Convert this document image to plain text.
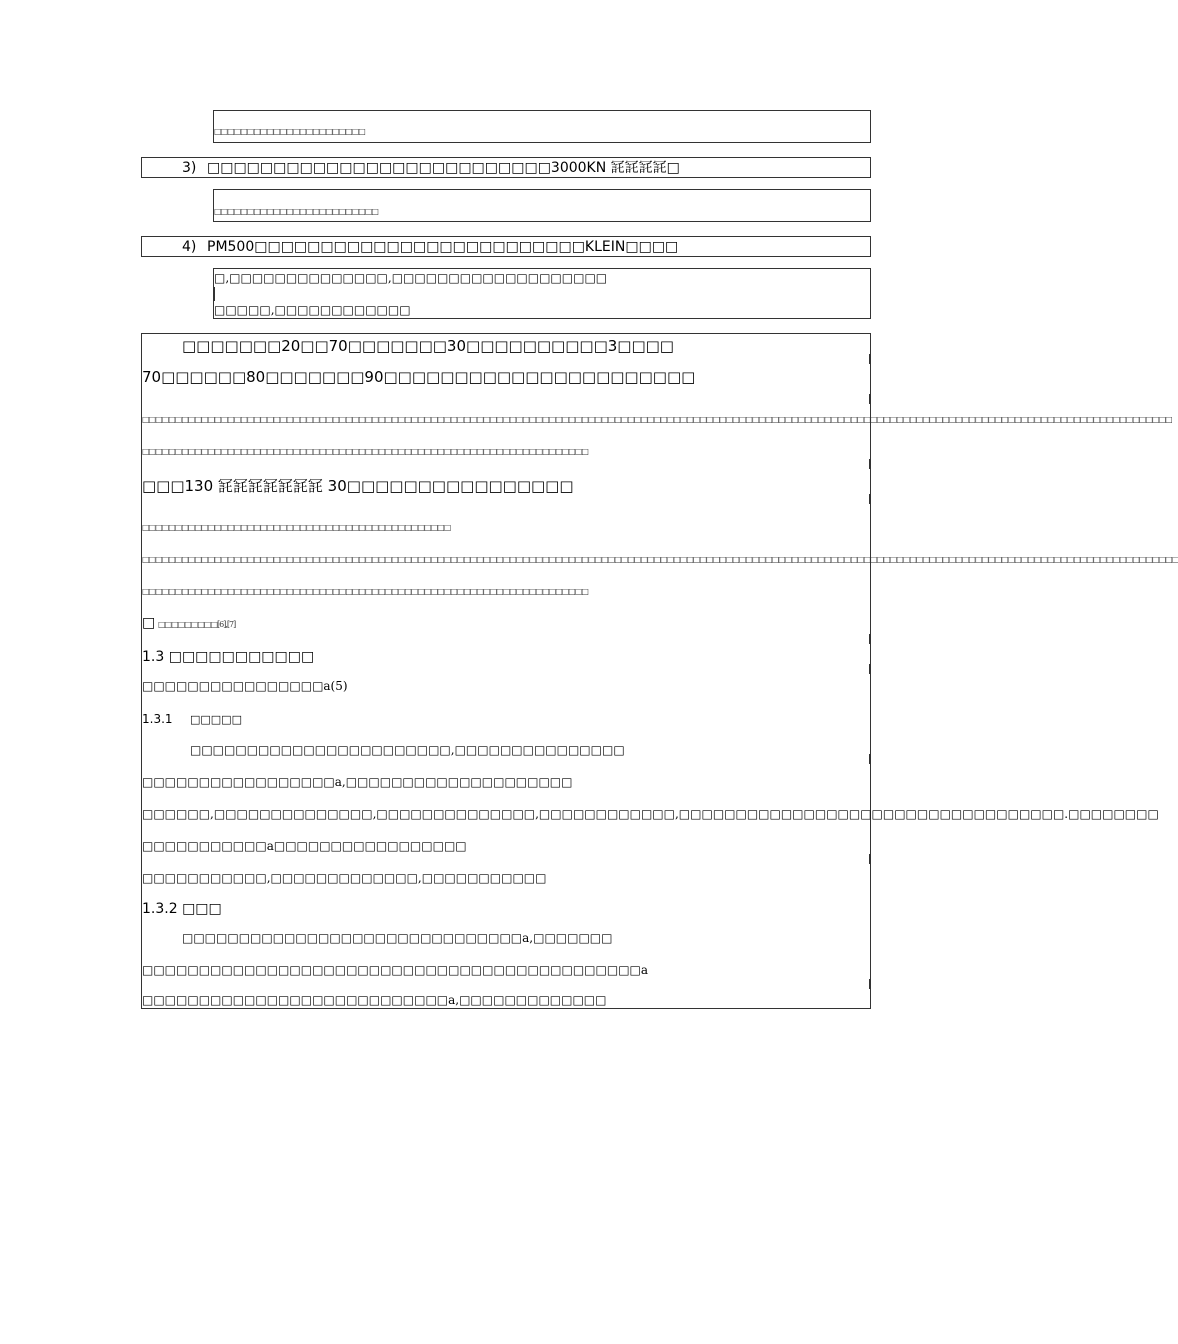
□□□□□□□□□□□□□□□□□□□□□□□
3) □□□□□□□□□□□□□□□□□□□□□□□□□□3000KN 㓃㓃㓃㓃□
□□□□□□□□□□□□□□□□□□□□□□□□□
4) PM500□□□□□□□□□□□□□□□□□□□□□□□□□KLEIN□□□□
□,□□□□□□□□□□□□□□,□□□□□□□□□□□□□□□□□□□
□□□□□,□□□□□□□□□□□□
□□□□□□□20□□70□□□□□□□30□□□□□□□□□□3□□□□
70□□□□□□80□□□□□□□90□□□□□□□□□□□□□□□□□□□□□□
□□□□□□□□□□□□□□□□□□□□□□□□□□□□□□□□□□□□□□□□□□□□□□□□□□□□□□□□□□□□□□□□□□□□□□□□□□□□□□□□□□□□□□□□□□□□□□□□□□□□□□□□□□□□□□□□□□□□□□□□□□□□□□□□□□□□□□□□□□□□□□□□□□□□□□□□□□□□□
□□□□□□□□□□□□□□□□□□□□□□□□□□□□□□□□□□□□□□□□□□□□□□□□□□□□□□□□□□□□□□□□□□□□
□□□130 㓃㓃㓃㓃㓃㓃㓃 30□□□□□□□□□□□□□□□□
□□□□□□□□□□□□□□□□□□□□□□□□□□□□□□□□□□□□□□□□□□□□□□□
□□□□□□□□□□□□□□□□□□□□□□□□□□□□□□□□□□□□□□□□□□□□□□□□□□□□□□□□□□□□□□□□□□□□□□□□□□□□□□□□□□□□□□□□□□□□□□□□□□□□□□□□□□□□□□□□□□□□□□□□□□□□□□□□□□□□□□□□□□□□□□□□□□□□□□□□□□□□□□
□□□□□□□□□□□□□□□□□□□□□□□□□□□□□□□□□□□□□□□□□□□□□□□□□□□□□□□□□□□□□□□□□□□□
□ □□□□□□□□□[6],[7]
1.3 □□□□□□□□□□□
□□□□□□□□□□□□□□□□a(5)
1.3.1 □□□□□
□□□□□□□□□□□□□□□□□□□□□□□,□□□□□□□□□□□□□□□
□□□□□□□□□□□□□□□□□a,□□□□□□□□□□□□□□□□□□□□
□□□□□□,□□□□□□□□□□□□□□,□□□□□□□□□□□□□□,□□□□□□□□□□□□,□□□□□□□□□□□□□□□□□□□□□□□□□□□□□□□□□□.□□□□□□□□
□□□□□□□□□□□a□□□□□□□□□□□□□□□□□
□□□□□□□□□□□,□□□□□□□□□□□□□,□□□□□□□□□□□
1.3.2 □□□
□□□□□□□□□□□□□□□□□□□□□□□□□□□□□□a,□□□□□□□
□□□□□□□□□□□□□□□□□□□□□□□□□□□□□□□□□□□□□□□□□□□□a
□□□□□□□□□□□□□□□□□□□□□□□□□□□a,□□□□□□□□□□□□□
